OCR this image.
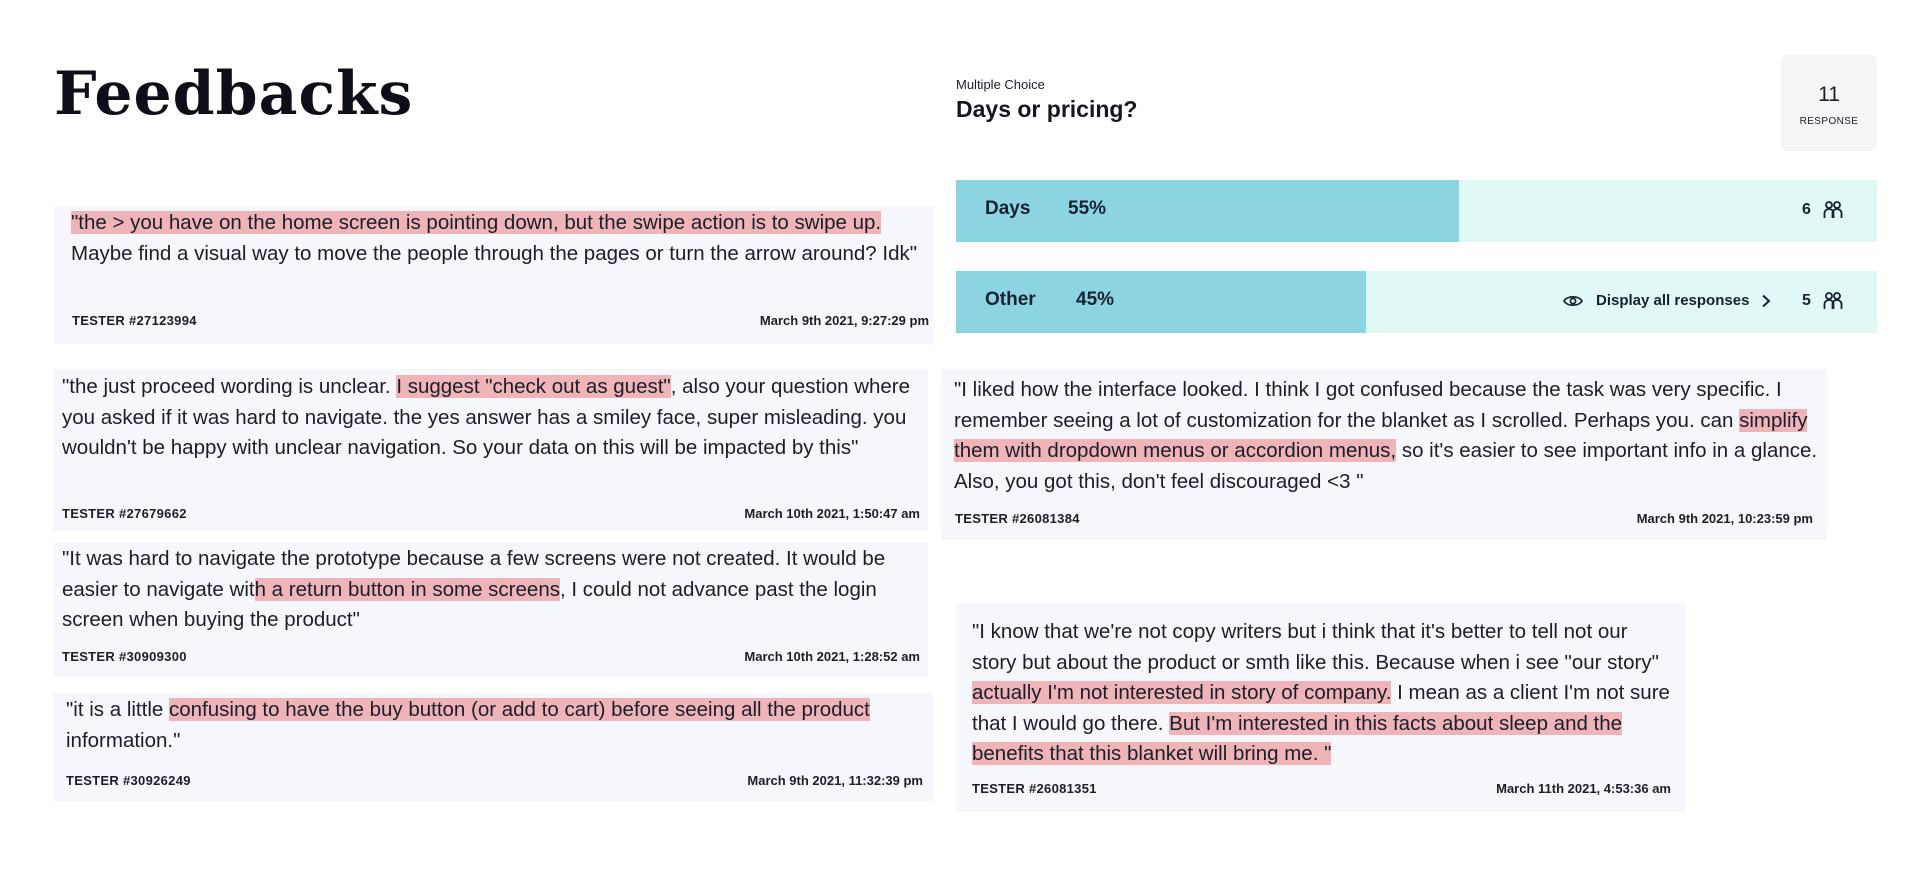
Feedbacks	Multiple Choice
Days or pricing?
11
RESPONSE
Days 55%	6
Other 45%	Display all responses	5
"the > you have on the home screen is pointing down, but the swipe action is to swipe up. Maybe find a visual way to move the people through the pages or turn the arrow around? Idk"
TESTER #27123994	March 9th 2021, 9:27:29 pm
"the just proceed wording is unclear. I suggest "check out as guest", also your question where you asked if it was hard to navigate. the yes answer has a smiley face, super misleading. you wouldn't be happy with unclear navigation. So your data on this will be impacted by this"
TESTER #27679662	March 10th 2021, 1:50:47 am
"It was hard to navigate the prototype because a few screens were not created. It would be easier to navigate with a return button in some screens, I could not advance past the login screen when buying the product"
TESTER #30909300	March 10th 2021, 1:28:52 am
"it is a little confusing to have the buy button (or add to cart) before seeing all the product information."
TESTER #30926249	March 9th 2021, 11:32:39 pm
"I liked how the interface looked. I think I got confused because the task was very specific. I remember seeing a lot of customization for the blanket as I scrolled. Perhaps you. can simplify them with dropdown menus or accordion menus, so it's easier to see important info in a glance. Also, you got this, don't feel discouraged <3 "
TESTER #26081384	March 9th 2021, 10:23:59 pm
"I know that we're not copy writers but i think that it's better to tell not our story but about the product or smth like this. Because when i see "our story" actually I'm not interested in story of company. I mean as a client I'm not sure that I would go there. But I'm interested in this facts about sleep and the benefits that this blanket will bring me. "
TESTER #26081351	March 11th 2021, 4:53:36 am
